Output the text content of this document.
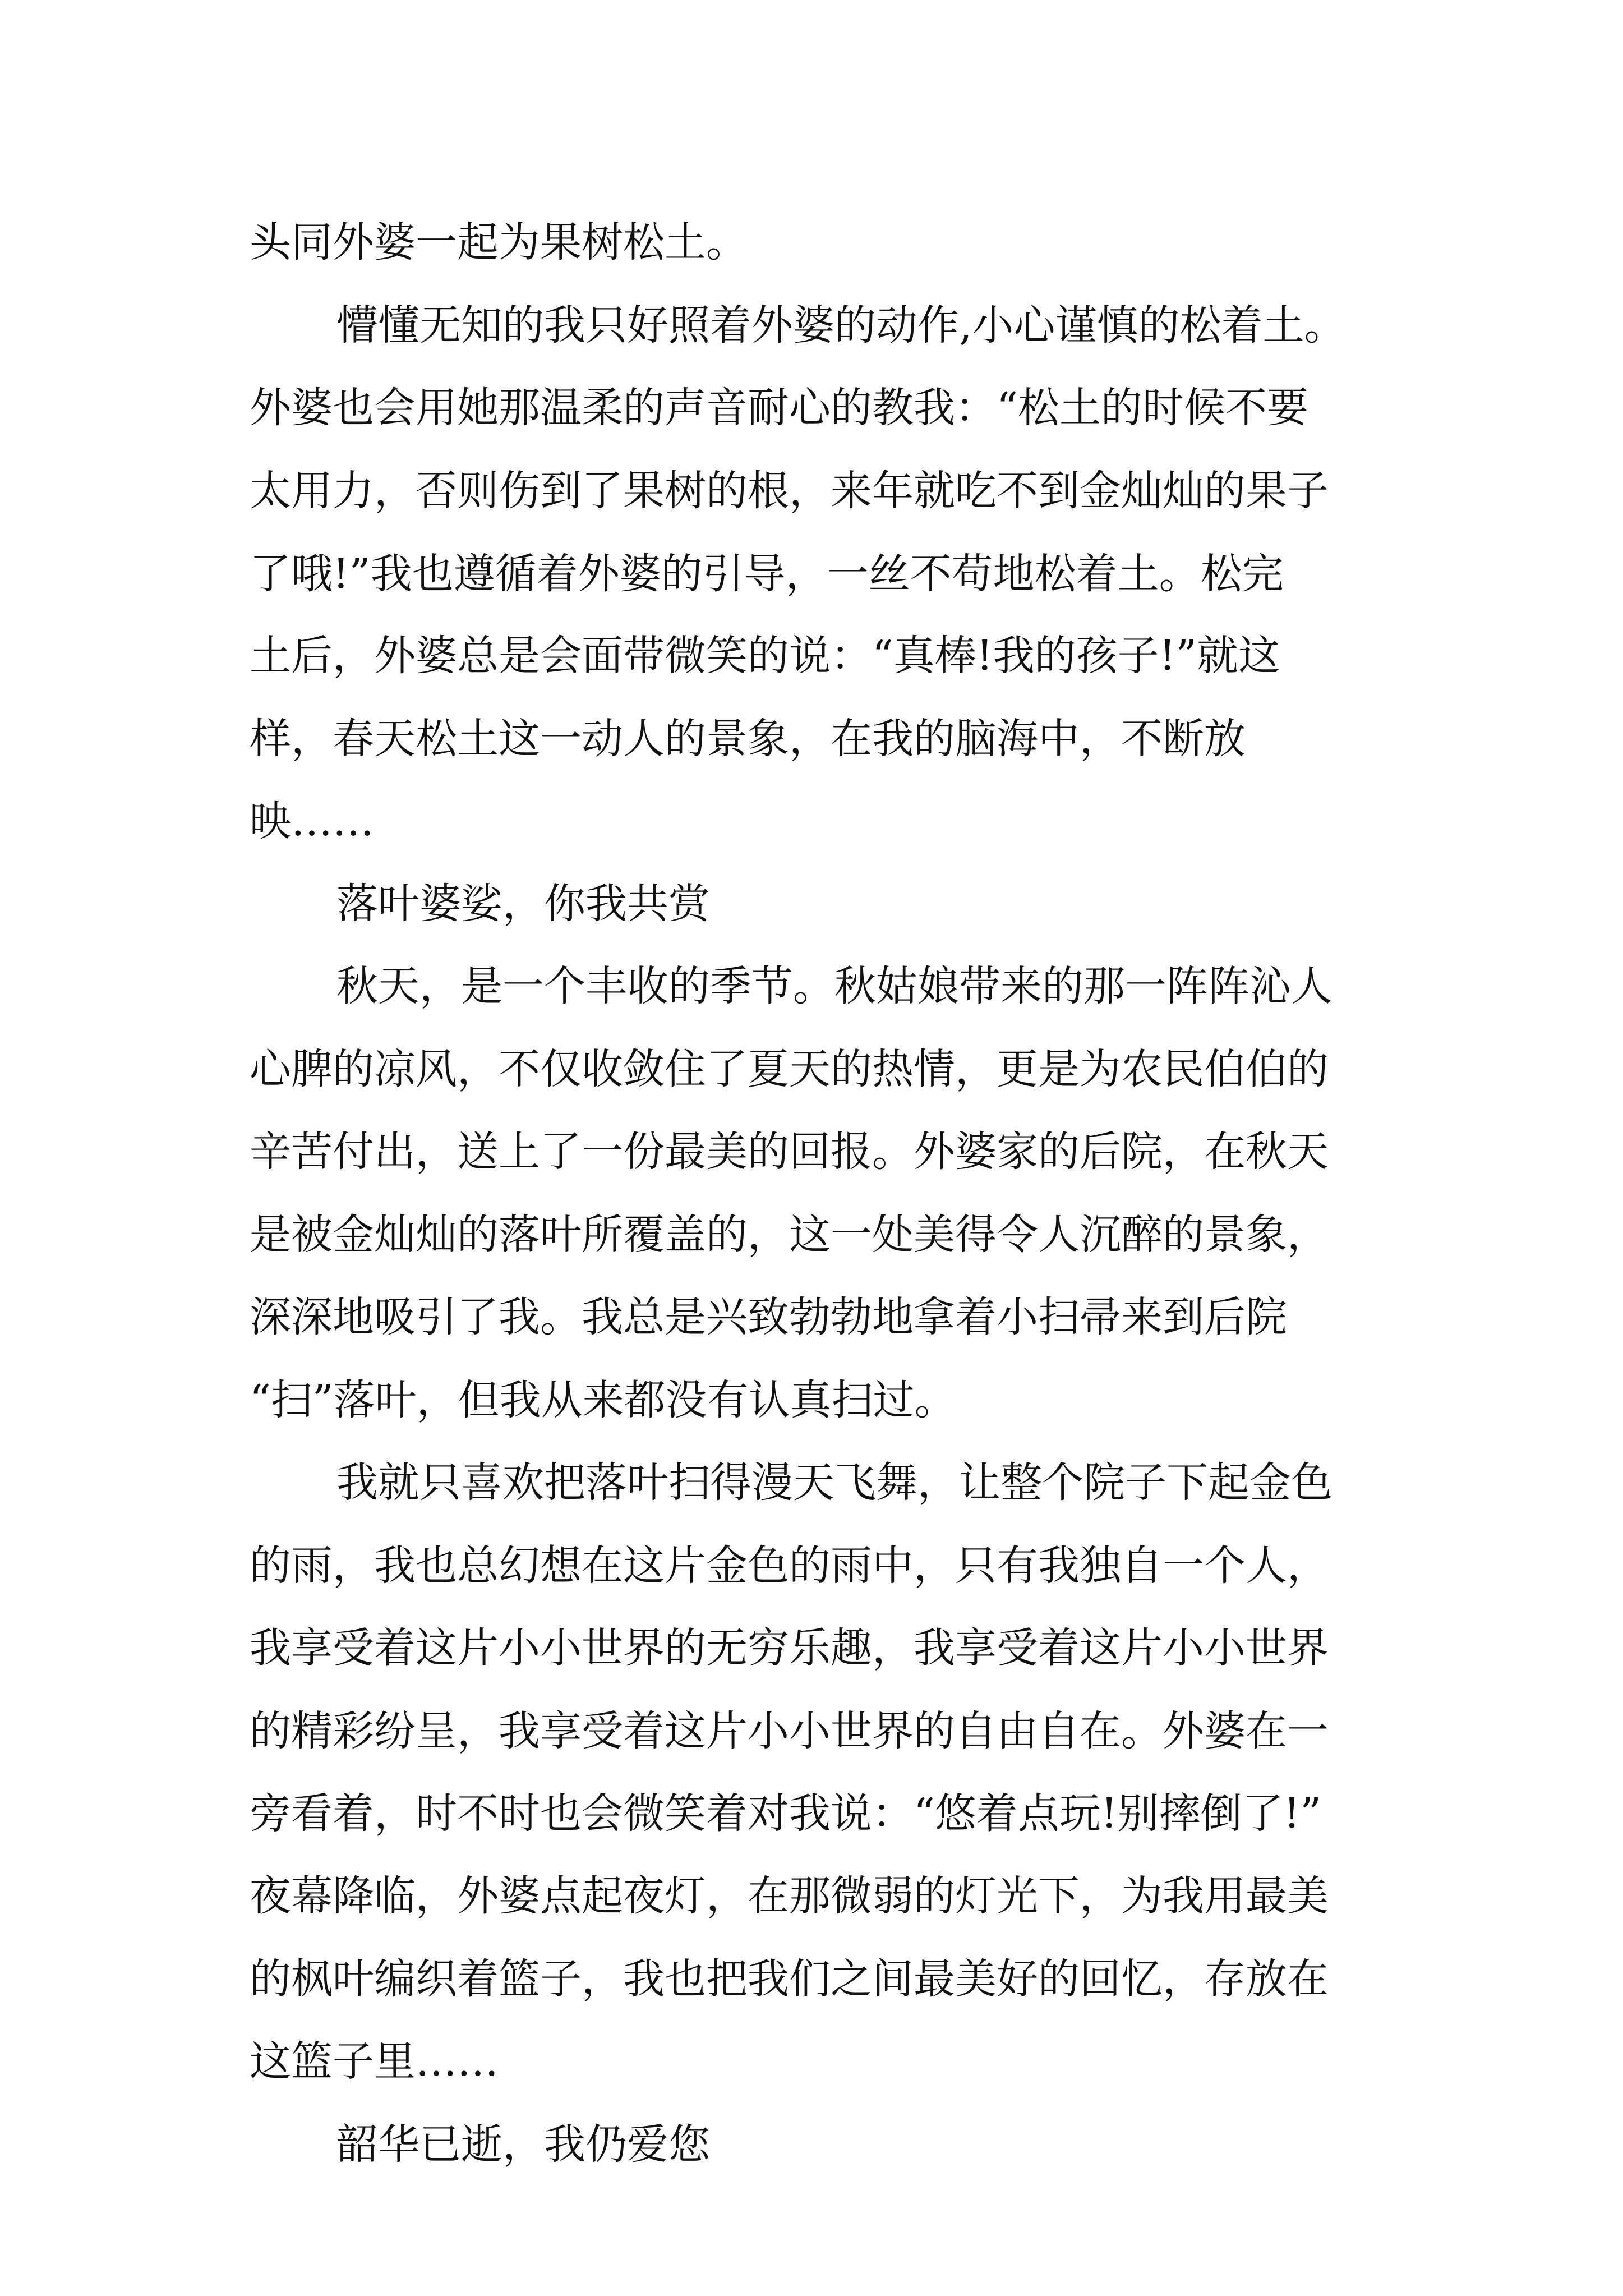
头同外婆一起为果树松土。
懵懂无知的我只好照着外婆的动作,小心谨慎的松着土。
外婆也会用她那温柔的声音耐心的教我：“松土的时候不要
太用力，否则伤到了果树的根，来年就吃不到金灿灿的果子
了哦!”我也遵循着外婆的引导，一丝不苟地松着土。松完
土后，外婆总是会面带微笑的说：“真棒!我的孩子!”就这
样，春天松土这一动人的景象，在我的脑海中，不断放
映……
落叶婆娑，你我共赏
秋天，是一个丰收的季节。秋姑娘带来的那一阵阵沁人
心脾的凉风，不仅收敛住了夏天的热情，更是为农民伯伯的
辛苦付出，送上了一份最美的回报。外婆家的后院，在秋天
是被金灿灿的落叶所覆盖的，这一处美得令人沉醉的景象，
深深地吸引了我。我总是兴致勃勃地拿着小扫帚来到后院
“扫”落叶，但我从来都没有认真扫过。
我就只喜欢把落叶扫得漫天飞舞，让整个院子下起金色
的雨，我也总幻想在这片金色的雨中，只有我独自一个人，
我享受着这片小小世界的无穷乐趣，我享受着这片小小世界
的精彩纷呈，我享受着这片小小世界的自由自在。外婆在一
旁看着，时不时也会微笑着对我说：“悠着点玩!别摔倒了!”
夜幕降临，外婆点起夜灯，在那微弱的灯光下，为我用最美
的枫叶编织着篮子，我也把我们之间最美好的回忆，存放在
这篮子里……
韶华已逝，我仍爱您
